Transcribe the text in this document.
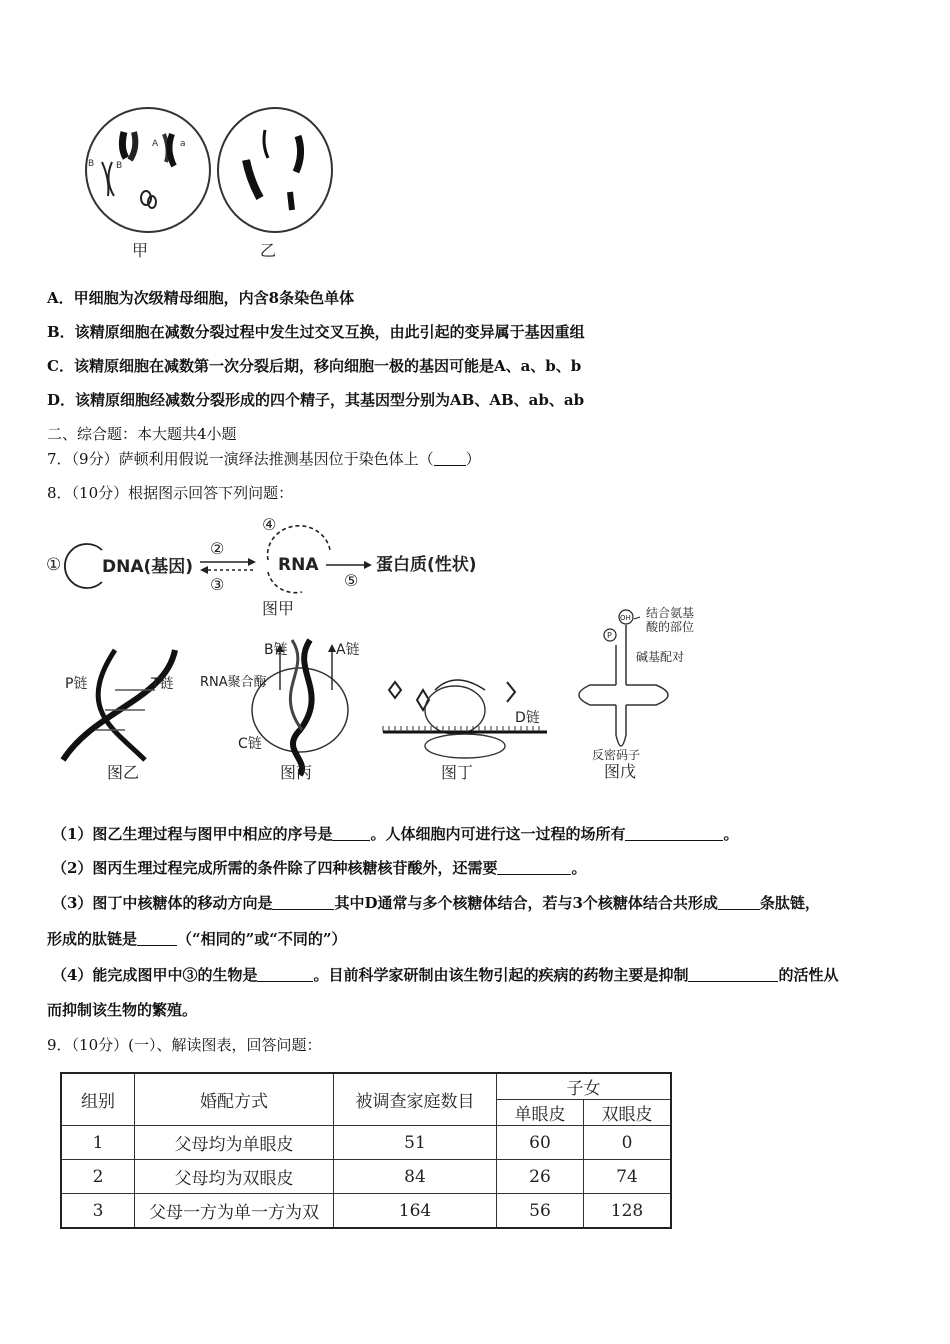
B B
A a
甲	乙
A．甲细胞为次级精母细胞，内含8条染色单体
B．该精原细胞在减数分裂过程中发生过交叉互换，由此引起的变异属于基因重组
C．该精原细胞在减数第一次分裂后期，移向细胞一极的基因可能是A、a、b、b
D．该精原细胞经减数分裂形成的四个精子，其基因型分别为AB、AB、ab、ab
二、综合题：本大题共4小题
7．（9分）萨顿利用假说一演绎法推测基因位于染色体上（ ）
8．（10分）根据图示回答下列问题：
① DNA(基因)
②
③
④
RNA
⑤
蛋白质(性状)
图甲
P链	T链
图乙
B链	A链
RNA聚合酶
C链
图丙
D链
图丁
OH
P
结合氨基
酸的部位
碱基配对
反密码子
图戊
（1）图乙生理过程与图甲中相应的序号是	。人体细胞内可进行这一过程的场所有	。
（2）图丙生理过程完成所需的条件除了四种核糖核苷酸外，还需要	。
（3）图丁中核糖体的移动方向是	其中D通常与多个核糖体结合，若与3个核糖体结合共形成	条肽链，
形成的肽链是	（“相同的”或“不同的”）
（4）能完成图甲中③的生物是	。目前科学家研制由该生物引起的疾病的药物主要是抑制	的活性从
而抑制该生物的繁殖。
9．（10分）(一）、解读图表，回答问题：
组别	婚配方式	被调查家庭数目	子女	
			单眼皮	双眼皮
1	父母均为单眼皮	51	60	0
2	父母均为双眼皮	84	26	74
3	父母一方为单一方为双	164	56	128
